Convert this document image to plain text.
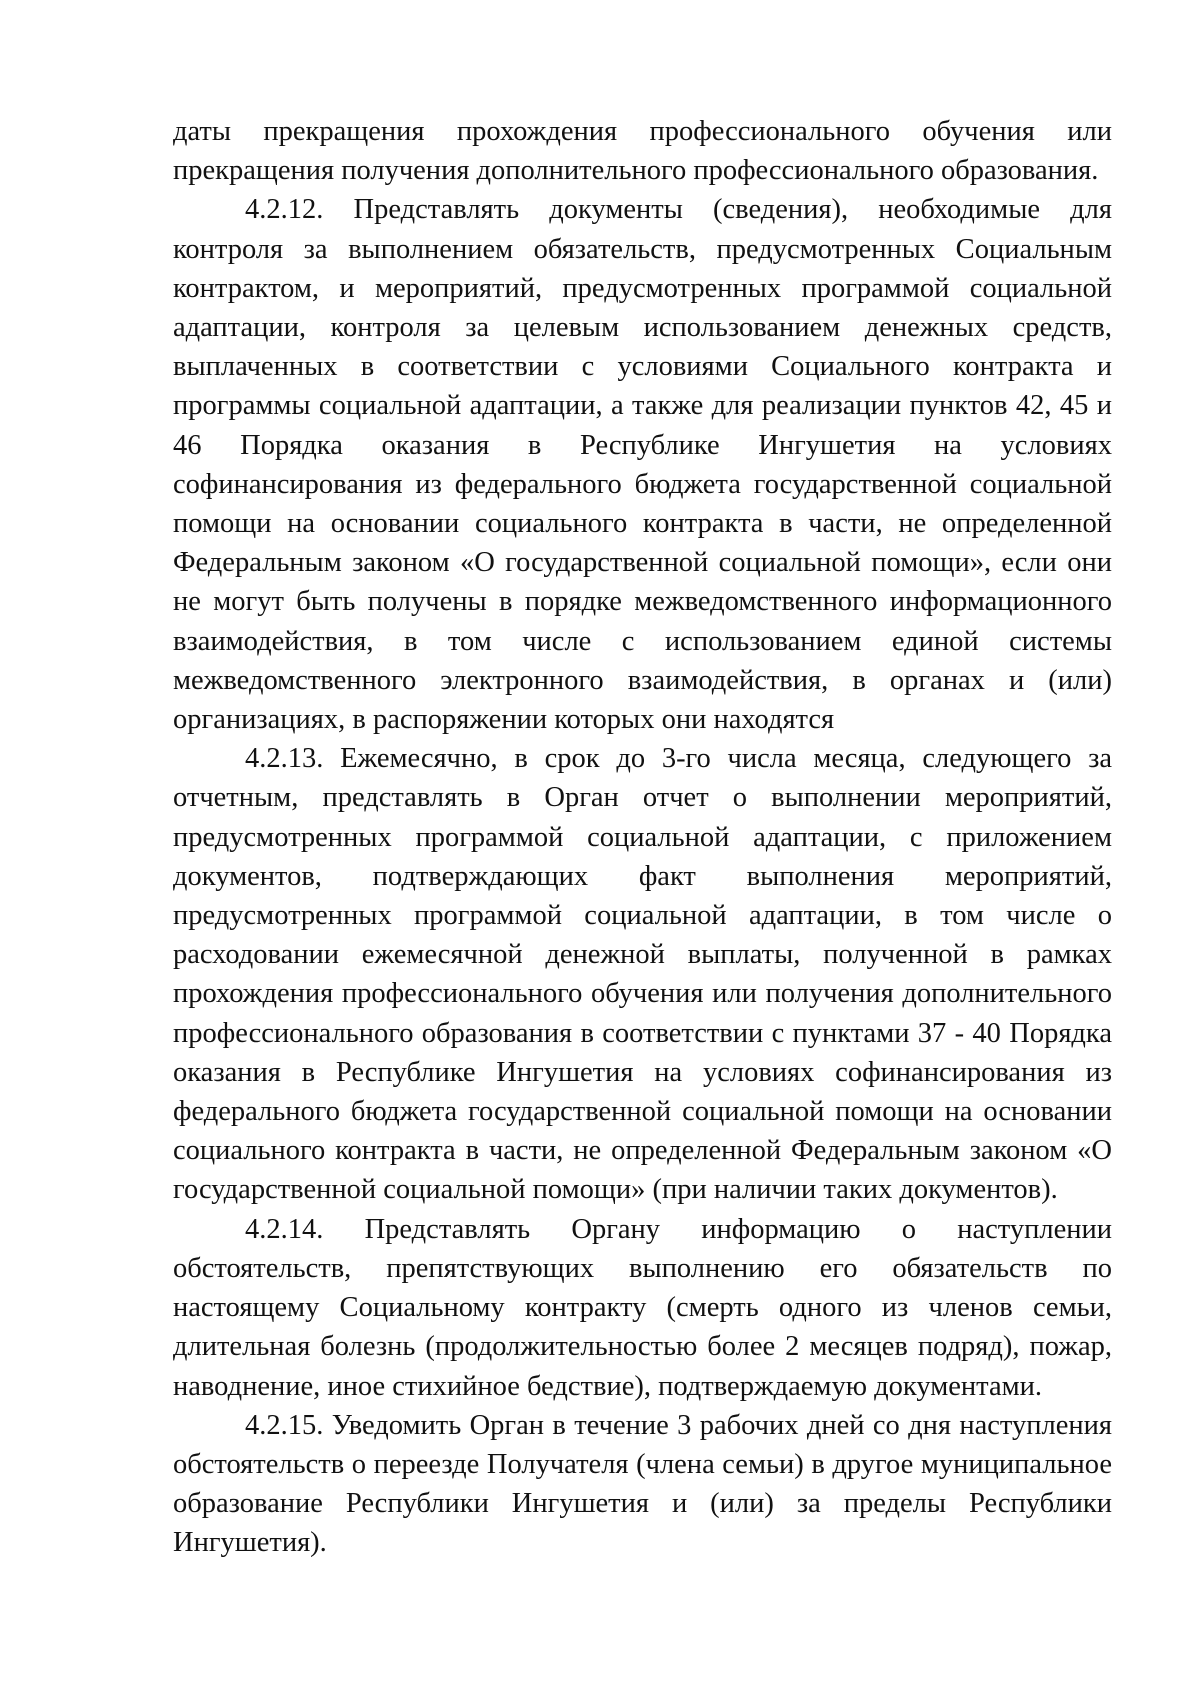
даты прекращения прохождения профессионального обучения или прекращения получения дополнительного профессионального образования.

4.2.12. Представлять документы (сведения), необходимые для контроля за выполнением обязательств, предусмотренных Социальным контрактом, и мероприятий, предусмотренных программой социальной адаптации, контроля за целевым использованием денежных средств, выплаченных в соответствии с условиями Социального контракта и программы социальной адаптации, а также для реализации пунктов 42, 45 и 46 Порядка оказания в Республике Ингушетия на условиях софинансирования из федерального бюджета государственной социальной помощи на основании социального контракта в части, не определенной Федеральным законом «О государственной социальной помощи», если они не могут быть получены в порядке межведомственного информационного взаимодействия, в том числе с использованием единой системы межведомственного электронного взаимодействия, в органах и (или) организациях, в распоряжении которых они находятся

4.2.13. Ежемесячно, в срок до 3-го числа месяца, следующего за отчетным, представлять в Орган отчет о выполнении мероприятий, предусмотренных программой социальной адаптации, с приложением документов, подтверждающих факт выполнения мероприятий, предусмотренных программой социальной адаптации, в том числе о расходовании ежемесячной денежной выплаты, полученной в рамках прохождения профессионального обучения или получения дополнительного профессионального образования в соответствии с пунктами 37 - 40 Порядка оказания в Республике Ингушетия на условиях софинансирования из федерального бюджета государственной социальной помощи на основании социального контракта в части, не определенной Федеральным законом «О государственной социальной помощи» (при наличии таких документов).

4.2.14. Представлять Органу информацию о наступлении обстоятельств, препятствующих выполнению его обязательств по настоящему Социальному контракту (смерть одного из членов семьи, длительная болезнь (продолжительностью более 2 месяцев подряд), пожар, наводнение, иное стихийное бедствие), подтверждаемую документами.

4.2.15. Уведомить Орган в течение 3 рабочих дней со дня наступления обстоятельств о переезде Получателя (члена семьи) в другое муниципальное образование Республики Ингушетия и (или) за пределы Республики Ингушетия).
